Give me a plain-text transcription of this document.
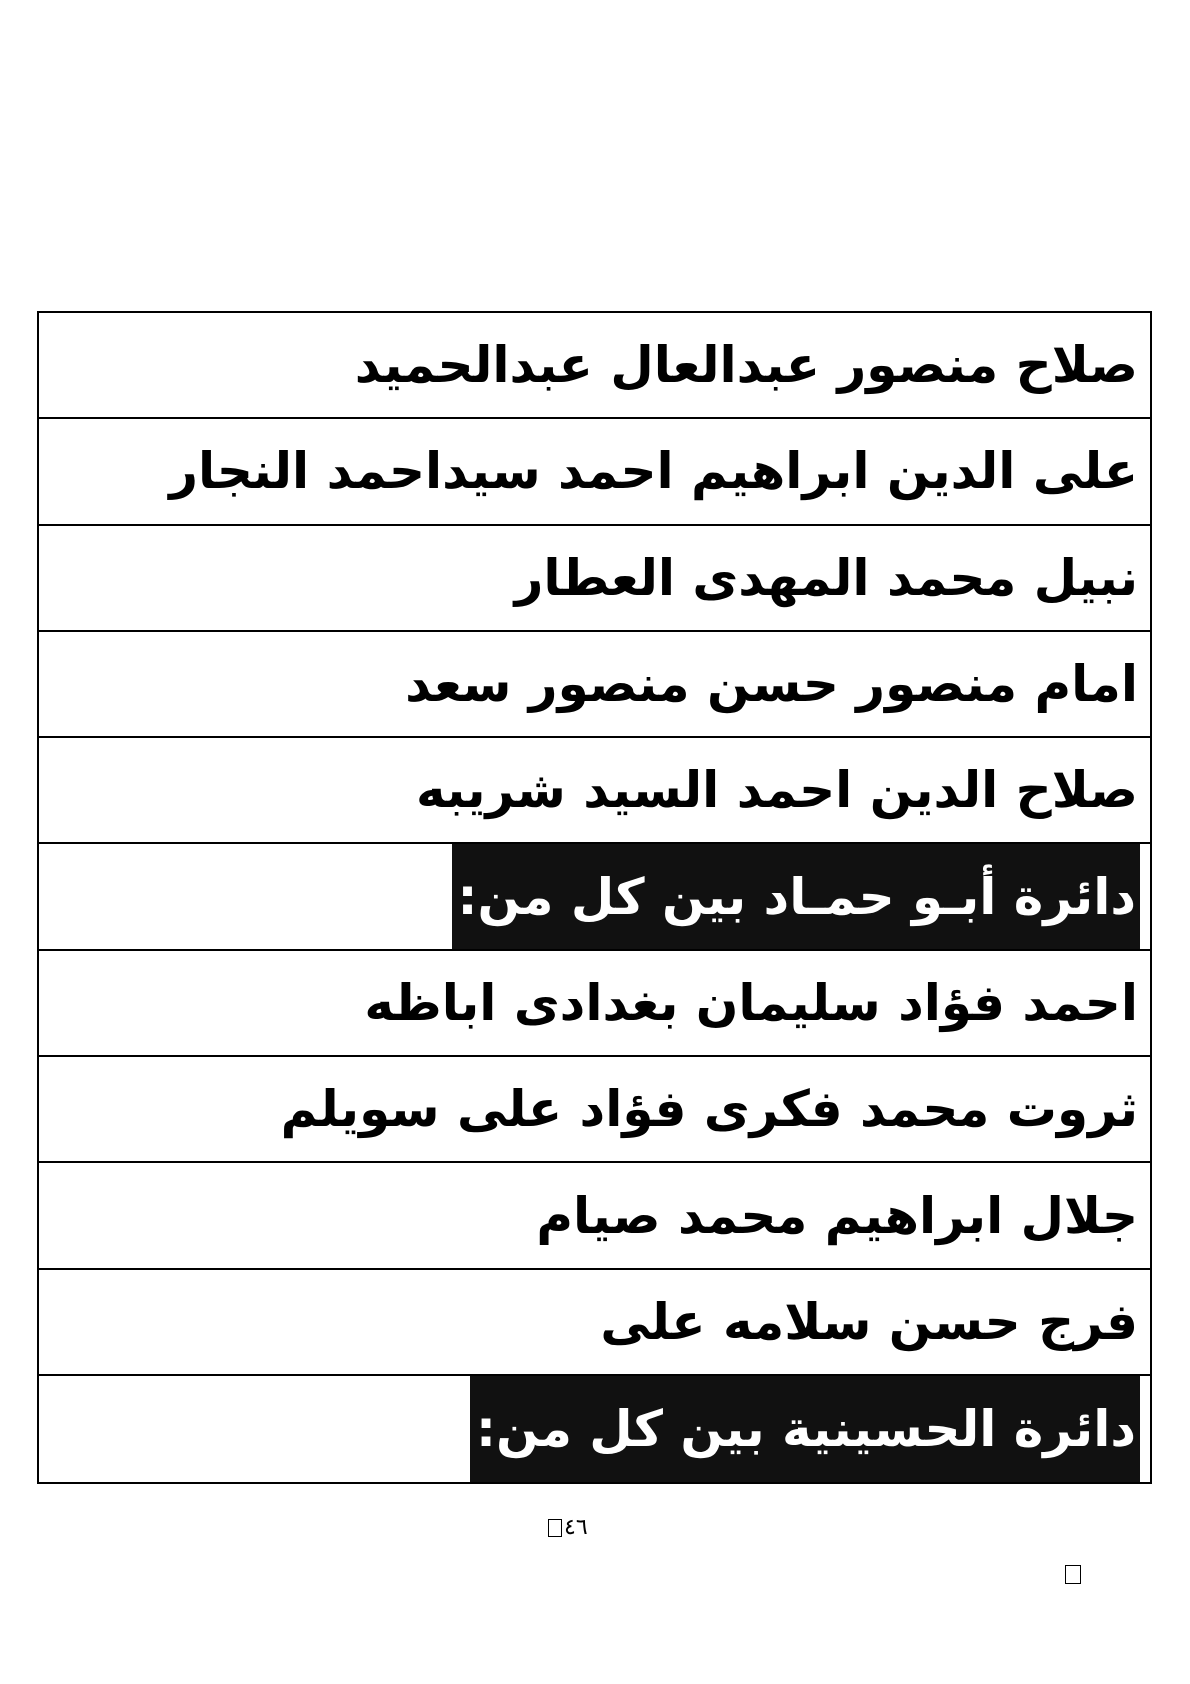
صلاح منصور عبدالعال عبدالحميد
على الدين ابراهيم احمد سيداحمد النجار
نبيل محمد المهدى العطار
امام منصور حسن منصور سعد
صلاح الدين احمد السيد شريبه
دائرة أبـو حمـاد بين كل من:
احمد فؤاد سليمان بغدادى اباظه
ثروت محمد فكرى فؤاد على سويلم
جلال ابراهيم محمد صيام
فرج حسن سلامه على
دائرة الحسينية بين كل من:
٤٦
